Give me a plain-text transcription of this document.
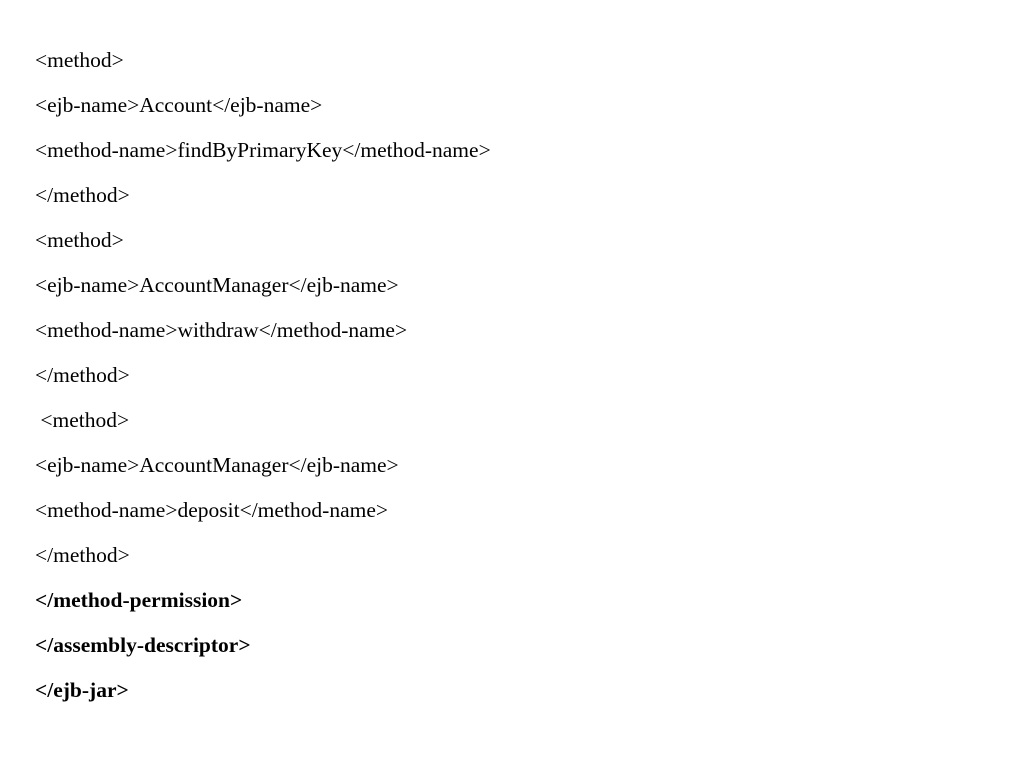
<method>
<ejb-name>Account</ejb-name>
<method-name>findByPrimaryKey</method-name>
</method>
<method>
<ejb-name>AccountManager</ejb-name>
<method-name>withdraw</method-name>
</method>
<method>
<ejb-name>AccountManager</ejb-name>
<method-name>deposit</method-name>
</method>
</method-permission>
</assembly-descriptor>
</ejb-jar>
